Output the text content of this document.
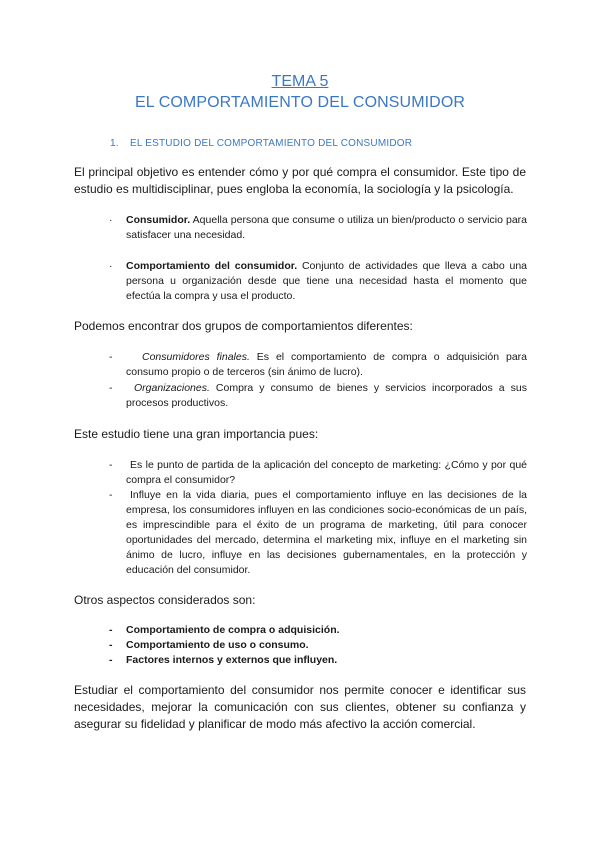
TEMA 5
EL COMPORTAMIENTO DEL CONSUMIDOR
1. EL ESTUDIO DEL COMPORTAMIENTO DEL CONSUMIDOR
El principal objetivo es entender cómo y por qué compra el consumidor. Este tipo de estudio es multidisciplinar, pues engloba la economía, la sociología y la psicología.
· Consumidor. Aquella persona que consume o utiliza un bien/producto o servicio para satisfacer una necesidad.
· Comportamiento del consumidor. Conjunto de actividades que lleva a cabo una persona u organización desde que tiene una necesidad hasta el momento que efectúa la compra y usa el producto.
Podemos encontrar dos grupos de comportamientos diferentes:
-	Consumidores finales. Es el comportamiento de compra o adquisición para consumo propio o de terceros (sin ánimo de lucro).
-	Organizaciones. Compra y consumo de bienes y servicios incorporados a sus procesos productivos.
Este estudio tiene una gran importancia pues:
-	Es le punto de partida de la aplicación del concepto de marketing: ¿Cómo y por qué compra el consumidor?
-	Influye en la vida diaria, pues el comportamiento influye en las decisiones de la empresa, los consumidores influyen en las condiciones socio-económicas de un país, es imprescindible para el éxito de un programa de marketing, útil para conocer oportunidades del mercado, determina el marketing mix, influye en el marketing sin ánimo de lucro, influye en las decisiones gubernamentales, en la protección y educación del consumidor.
Otros aspectos considerados son:
- Comportamiento de compra o adquisición.
- Comportamiento de uso o consumo.
- Factores internos y externos que influyen.
Estudiar el comportamiento del consumidor nos permite conocer e identificar sus necesidades, mejorar la comunicación con sus clientes, obtener su confianza y asegurar su fidelidad y planificar de modo más afectivo la acción comercial.
